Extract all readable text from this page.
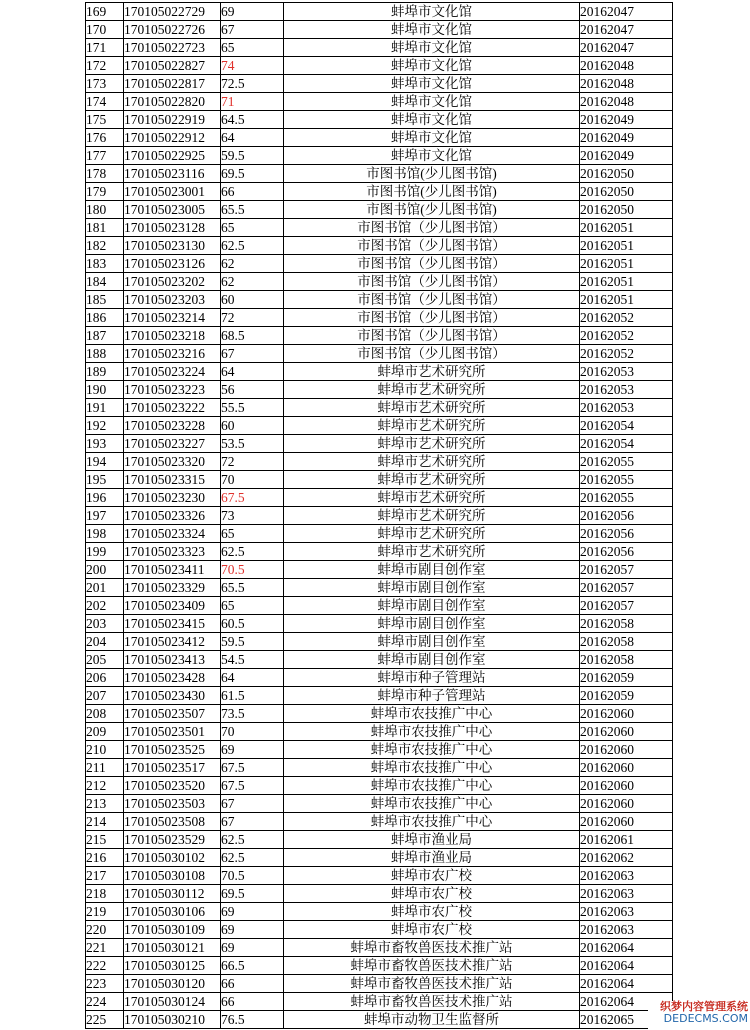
169	170105022729	69	蚌埠市文化馆	20162047
170	170105022726	67	蚌埠市文化馆	20162047
171	170105022723	65	蚌埠市文化馆	20162047
172	170105022827	74	蚌埠市文化馆	20162048
173	170105022817	72.5	蚌埠市文化馆	20162048
174	170105022820	71	蚌埠市文化馆	20162048
175	170105022919	64.5	蚌埠市文化馆	20162049
176	170105022912	64	蚌埠市文化馆	20162049
177	170105022925	59.5	蚌埠市文化馆	20162049
178	170105023116	69.5	市图书馆(少儿图书馆)	20162050
179	170105023001	66	市图书馆(少儿图书馆)	20162050
180	170105023005	65.5	市图书馆(少儿图书馆)	20162050
181	170105023128	65	市图书馆（少儿图书馆）	20162051
182	170105023130	62.5	市图书馆（少儿图书馆）	20162051
183	170105023126	62	市图书馆（少儿图书馆）	20162051
184	170105023202	62	市图书馆（少儿图书馆）	20162051
185	170105023203	60	市图书馆（少儿图书馆）	20162051
186	170105023214	72	市图书馆（少儿图书馆）	20162052
187	170105023218	68.5	市图书馆（少儿图书馆）	20162052
188	170105023216	67	市图书馆（少儿图书馆）	20162052
189	170105023224	64	蚌埠市艺术研究所	20162053
190	170105023223	56	蚌埠市艺术研究所	20162053
191	170105023222	55.5	蚌埠市艺术研究所	20162053
192	170105023228	60	蚌埠市艺术研究所	20162054
193	170105023227	53.5	蚌埠市艺术研究所	20162054
194	170105023320	72	蚌埠市艺术研究所	20162055
195	170105023315	70	蚌埠市艺术研究所	20162055
196	170105023230	67.5	蚌埠市艺术研究所	20162055
197	170105023326	73	蚌埠市艺术研究所	20162056
198	170105023324	65	蚌埠市艺术研究所	20162056
199	170105023323	62.5	蚌埠市艺术研究所	20162056
200	170105023411	70.5	蚌埠市剧目创作室	20162057
201	170105023329	65.5	蚌埠市剧目创作室	20162057
202	170105023409	65	蚌埠市剧目创作室	20162057
203	170105023415	60.5	蚌埠市剧目创作室	20162058
204	170105023412	59.5	蚌埠市剧目创作室	20162058
205	170105023413	54.5	蚌埠市剧目创作室	20162058
206	170105023428	64	蚌埠市种子管理站	20162059
207	170105023430	61.5	蚌埠市种子管理站	20162059
208	170105023507	73.5	蚌埠市农技推广中心	20162060
209	170105023501	70	蚌埠市农技推广中心	20162060
210	170105023525	69	蚌埠市农技推广中心	20162060
211	170105023517	67.5	蚌埠市农技推广中心	20162060
212	170105023520	67.5	蚌埠市农技推广中心	20162060
213	170105023503	67	蚌埠市农技推广中心	20162060
214	170105023508	67	蚌埠市农技推广中心	20162060
215	170105023529	62.5	蚌埠市渔业局	20162061
216	170105030102	62.5	蚌埠市渔业局	20162062
217	170105030108	70.5	蚌埠市农广校	20162063
218	170105030112	69.5	蚌埠市农广校	20162063
219	170105030106	69	蚌埠市农广校	20162063
220	170105030109	69	蚌埠市农广校	20162063
221	170105030121	69	蚌埠市畜牧兽医技术推广站	20162064
222	170105030125	66.5	蚌埠市畜牧兽医技术推广站	20162064
223	170105030120	66	蚌埠市畜牧兽医技术推广站	20162064
224	170105030124	66	蚌埠市畜牧兽医技术推广站	20162064
225	170105030210	76.5	蚌埠市动物卫生监督所	20162065
织梦内容管理系统
DEDECMS.COM
